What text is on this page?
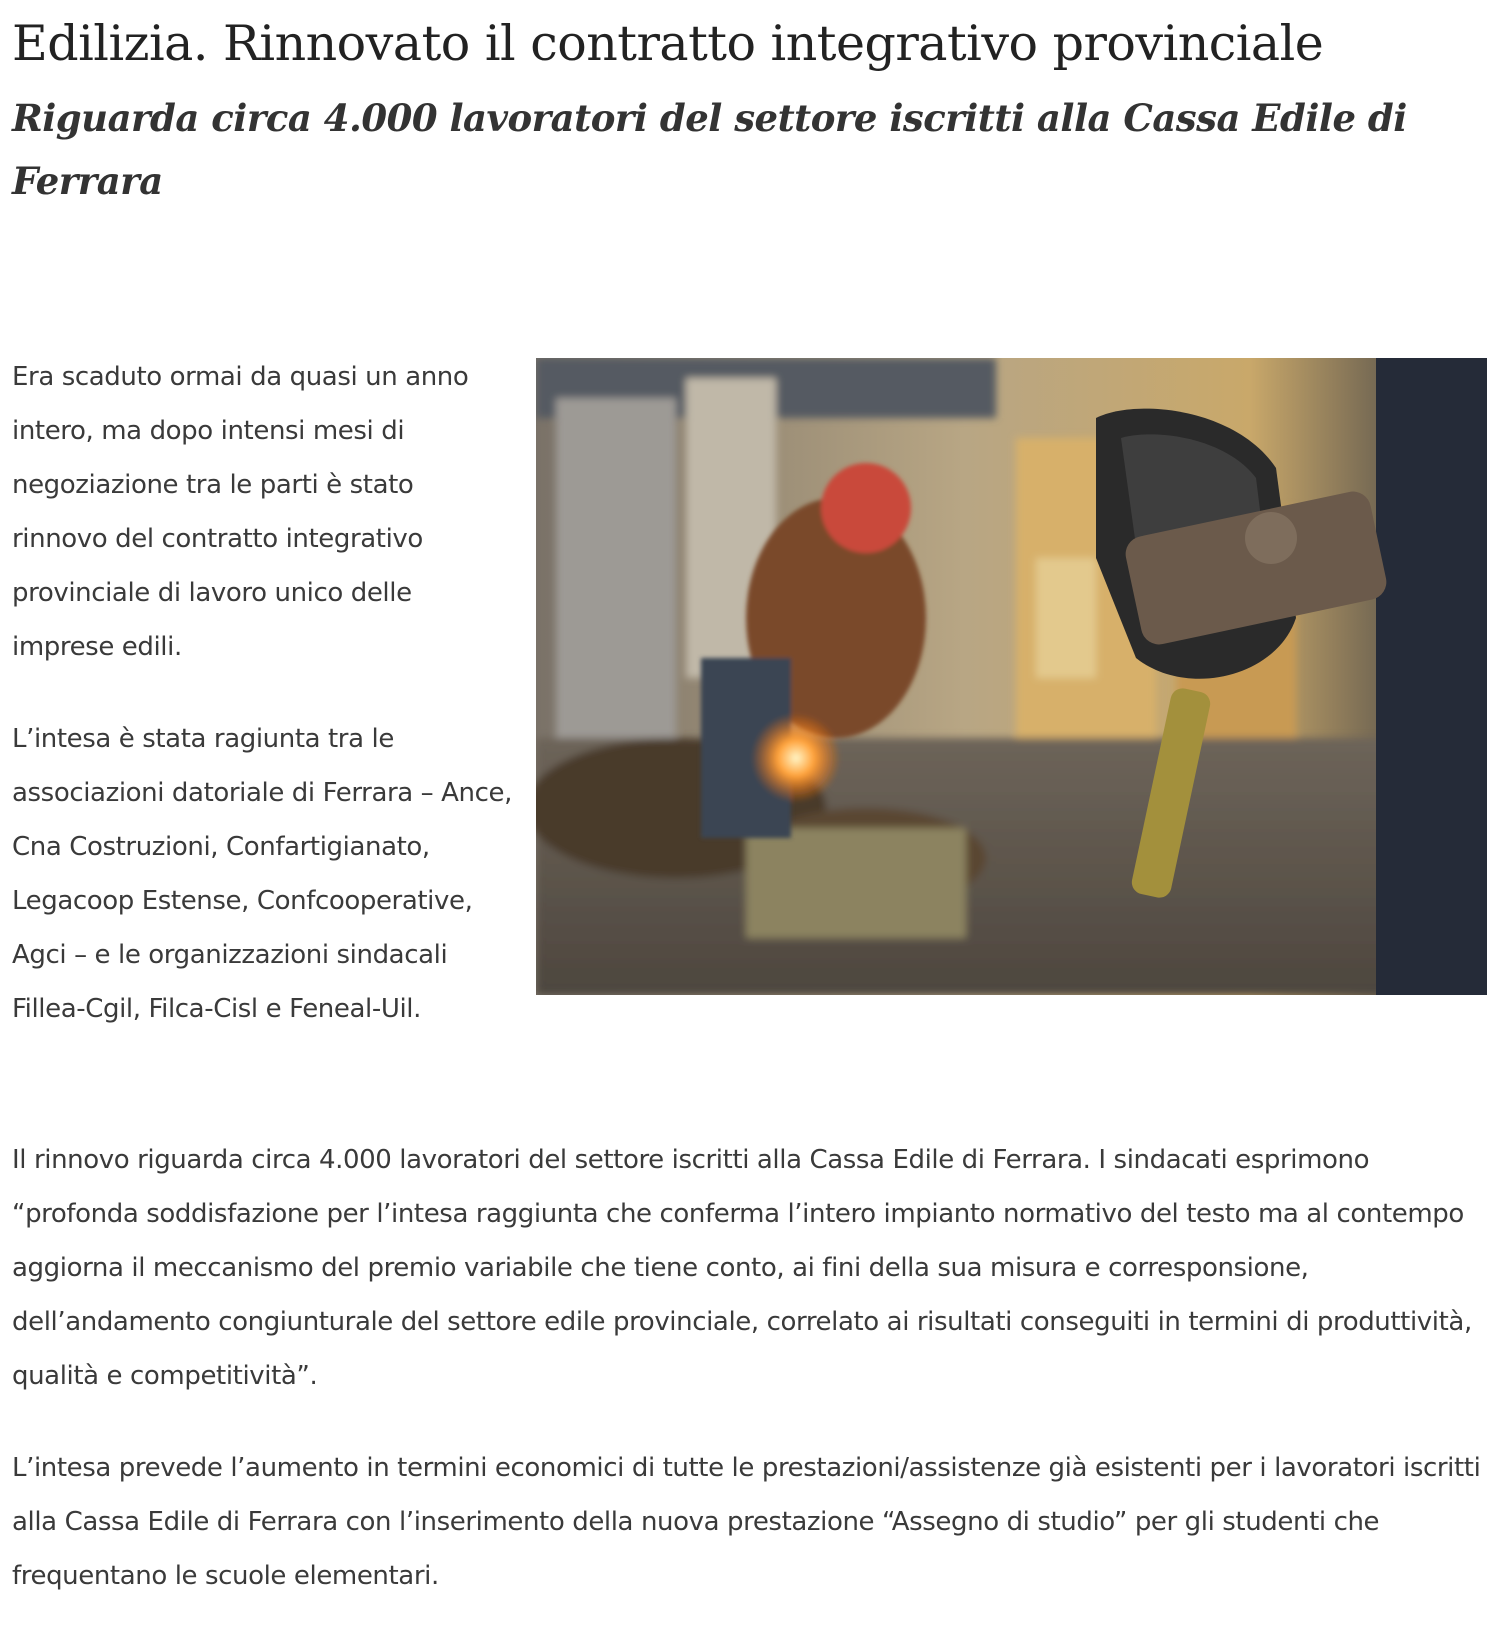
Edilizia. Rinnovato il contratto integrativo provinciale
Riguarda circa 4.000 lavoratori del settore iscritti alla Cassa Edile di Ferrara

Era scaduto ormai da quasi un anno intero, ma dopo intensi mesi di negoziazione tra le parti è stato rinnovo del contratto integrativo provinciale di lavoro unico delle imprese edili.

L’intesa è stata ragiunta tra le associazioni datoriale di Ferrara – Ance, Cna Costruzioni, Confartigianato, Legacoop Estense, Confcooperative, Agci – e le organizzazioni sindacali Fillea-Cgil, Filca-Cisl e Feneal-Uil.

Il rinnovo riguarda circa 4.000 lavoratori del settore iscritti alla Cassa Edile di Ferrara. I sindacati esprimono “profonda soddisfazione per l’intesa raggiunta che conferma l’intero impianto normativo del testo ma al contempo aggiorna il meccanismo del premio variabile che tiene conto, ai fini della sua misura e corresponsione, dell’andamento congiunturale del settore edile provinciale, correlato ai risultati conseguiti in termini di produttività, qualità e competitività”.

L’intesa prevede l’aumento in termini economici di tutte le prestazioni/assistenze già esistenti per i lavoratori iscritti alla Cassa Edile di Ferrara con l’inserimento della nuova prestazione “Assegno di studio” per gli studenti che frequentano le scuole elementari.
